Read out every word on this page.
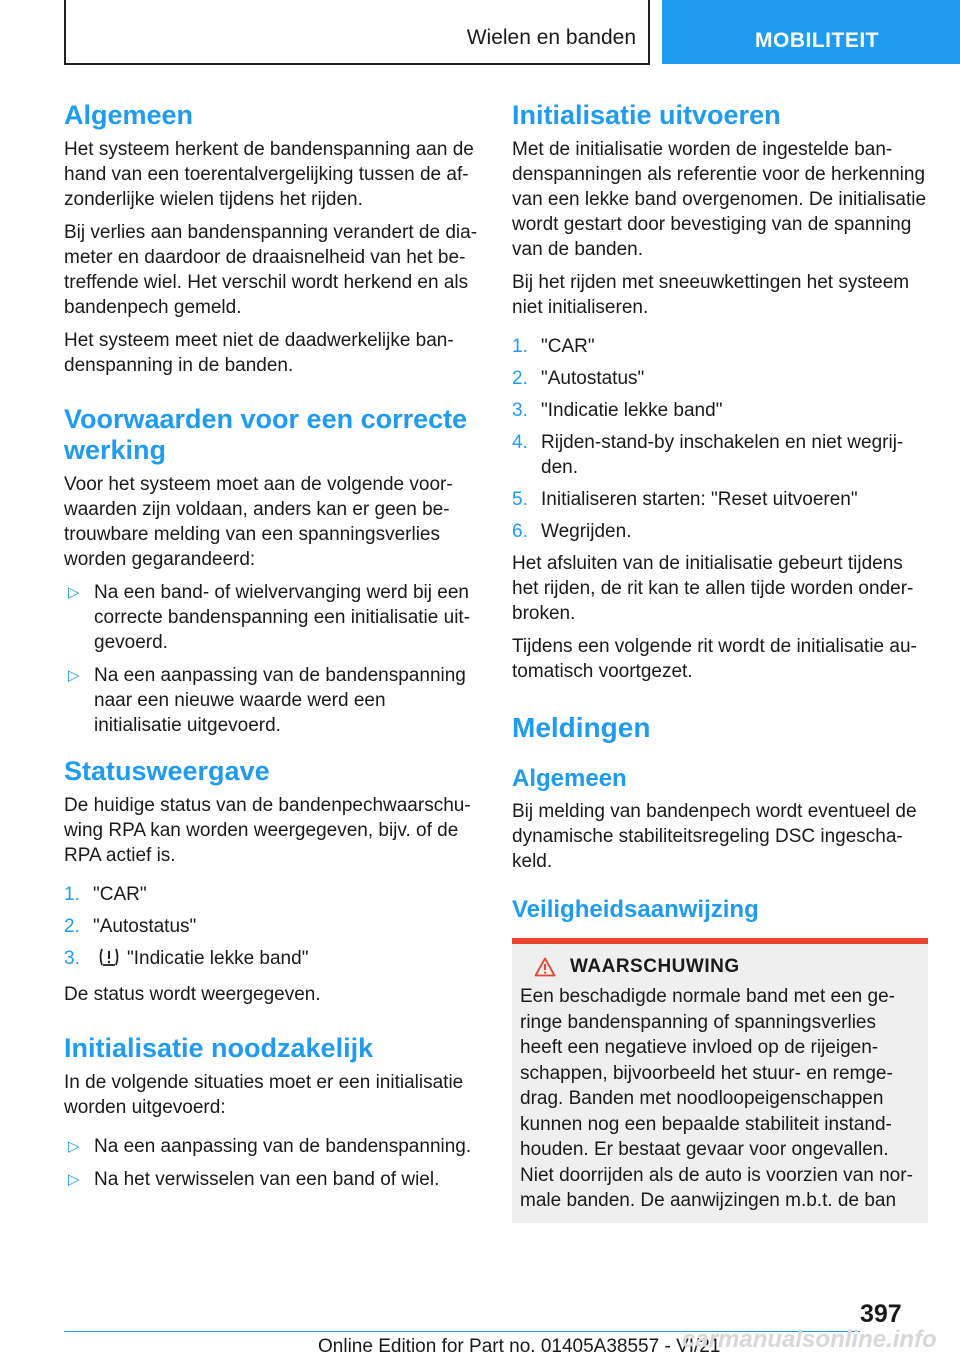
Wielen en banden	MOBILITEIT
Algemeen

Het systeem herkent de bandenspanning aan de hand van een toerentalvergelijking tussen de afzonderlijke wielen tijdens het rijden.

Bij verlies aan bandenspanning verandert de diameter en daardoor de draaisnelheid van het betreffende wiel. Het verschil wordt herkend en als bandenpech gemeld.

Het systeem meet niet de daadwerkelijke bandenspanning in de banden.

Voorwaarden voor een correcte werking

Voor het systeem moet aan de volgende voorwaarden zijn voldaan, anders kan er geen betrouwbare melding van een spanningsverlies worden gegarandeerd:

▷ Na een band- of wielvervanging werd bij een correcte bandenspanning een initialisatie uitgevoerd.
▷ Na een aanpassing van de bandenspanning naar een nieuwe waarde werd een initialisatie uitgevoerd.
Statusweergave

De huidige status van de bandenpechwaarschuwing RPA kan worden weergegeven, bijv. of de RPA actief is.

1. "CAR"
2. "Autostatus"
3. "Indicatie lekke band"

De status wordt weergegeven.

Initialisatie noodzakelijk

In de volgende situaties moet er een initialisatie worden uitgevoerd:

▷ Na een aanpassing van de bandenspanning.
▷ Na het verwisselen van een band of wiel.
Initialisatie uitvoeren

Met de initialisatie worden de ingestelde bandenspanningen als referentie voor de herkenning van een lekke band overgenomen. De initialisatie wordt gestart door bevestiging van de spanning van de banden.

Bij het rijden met sneeuwkettingen het systeem niet initialiseren.

1. "CAR"
2. "Autostatus"
3. "Indicatie lekke band"
4. Rijden-stand-by inschakelen en niet wegrijden.
5. Initialiseren starten: "Reset uitvoeren"
6. Wegrijden.

Het afsluiten van de initialisatie gebeurt tijdens het rijden, de rit kan te allen tijde worden onderbroken.

Tijdens een volgende rit wordt de initialisatie automatisch voortgezet.

Meldingen
Algemeen

Bij melding van bandenpech wordt eventueel de dynamische stabiliteitsregeling DSC ingeschakeld.

Veiligheidsaanwijzing
WAARSCHUWING

Een beschadigde normale band met een geringe bandenspanning of spanningsverlies heeft een negatieve invloed op de rijeigenschappen, bijvoorbeeld het stuur- en remgedrag. Banden met noodloopeigenschappen kunnen nog een bepaalde stabiliteit instandhouden. Er bestaat gevaar voor ongevallen. Niet doorrijden als de auto is voorzien van normale banden. De aanwijzingen m.b.t. de ban

397
Online Edition for Part no. 01405A38557 - VI/21
carmanualsonline.info
